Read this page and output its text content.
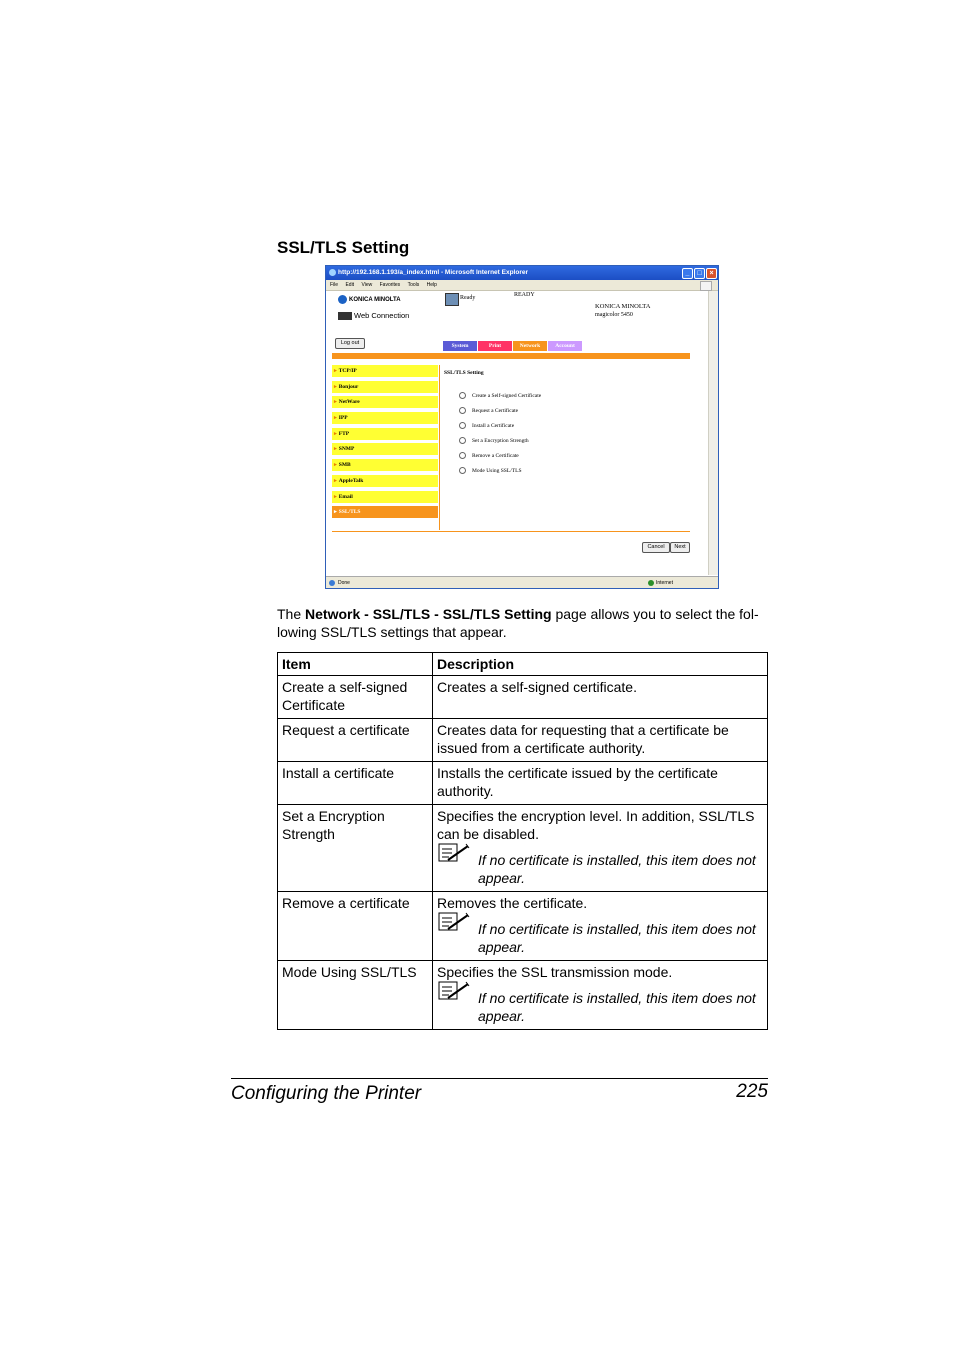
SSL/TLS Setting
http://192.168.1.193/a_index.html - Microsoft Internet Explorer	_	□	×
File Edit View Favorites Tools Help
KONICA MINOLTA
Web Connection
Ready	READY
KONICA MINOLTA
magicolor 5450
Log out	System	Print	Network	Account
▸ TCP/IP
▸ Bonjour
▸ NetWare
▸ IPP
▸ FTP
▸ SNMP
▸ SMB
▸ AppleTalk
▸ Email
▸ SSL/TLS
SSL/TLS Setting
Create a Self-signed Certificate
Request a Certificate
Install a Certificate
Set a Encryption Strength
Remove a Certificate
Mode Using SSL/TLS
Cancel	Next
Done	Internet
The Network - SSL/TLS - SSL/TLS Setting page allows you to select the fol-lowing SSL/TLS settings that appear.
Item	Description
Create a self-signed Certificate	Creates a self-signed certificate.

Request a certificate	Creates data for requesting that a certificate be issued from a certificate authority.

Install a certificate	Installs the certificate issued by the certificate authority.

Set a Encryption Strength	Specifies the encryption level. In addition, SSL/TLS can be disabled.
If no certificate is installed, this item does not appear.

Remove a certificate	Removes the certificate.
If no certificate is installed, this item does not appear.

Mode Using SSL/TLS	Specifies the SSL transmission mode.
If no certificate is installed, this item does not appear.
Configuring the Printer	225
